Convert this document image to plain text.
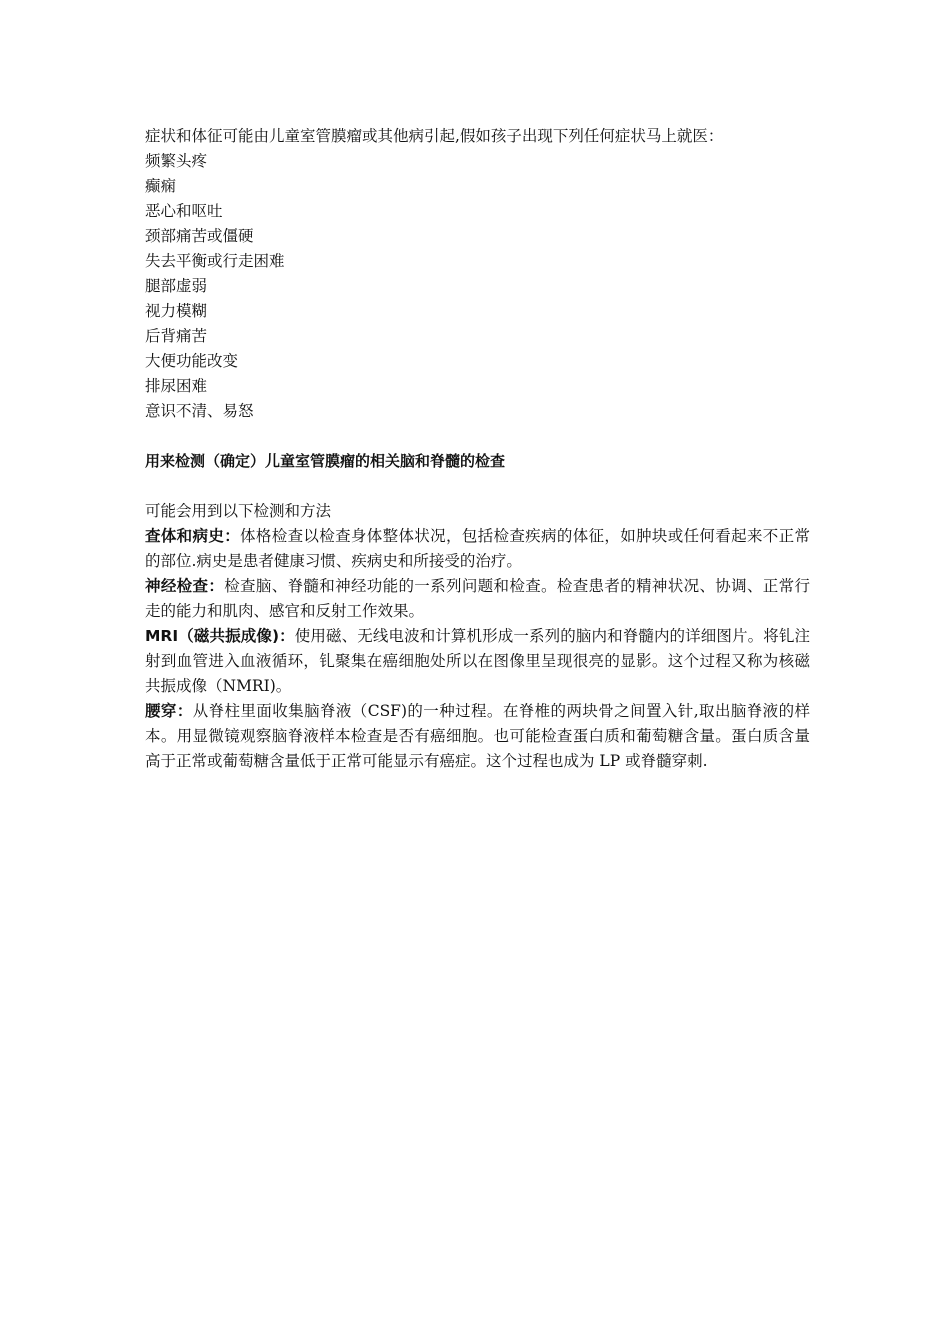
症状和体征可能由儿童室管膜瘤或其他病引起,假如孩子出现下列任何症状马上就医：
频繁头疼
癫痫
恶心和呕吐
颈部痛苦或僵硬
失去平衡或行走困难
腿部虚弱
视力模糊
后背痛苦
大便功能改变
排尿困难
意识不清、易怒
用来检测（确定）儿童室管膜瘤的相关脑和脊髓的检查
可能会用到以下检测和方法
查体和病史：体格检查以检查身体整体状况，包括检查疾病的体征，如肿块或任何看起来不正常的部位.病史是患者健康习惯、疾病史和所接受的治疗。
神经检查：检查脑、脊髓和神经功能的一系列问题和检查。检查患者的精神状况、协调、正常行走的能力和肌肉、感官和反射工作效果。
MRI（磁共振成像)：使用磁、无线电波和计算机形成一系列的脑内和脊髓内的详细图片。将钆注射到血管进入血液循环，钆聚集在癌细胞处所以在图像里呈现很亮的显影。这个过程又称为核磁共振成像（NMRI)。
腰穿：从脊柱里面收集脑脊液（CSF)的一种过程。在脊椎的两块骨之间置入针,取出脑脊液的样本。用显微镜观察脑脊液样本检查是否有癌细胞。也可能检查蛋白质和葡萄糖含量。蛋白质含量高于正常或葡萄糖含量低于正常可能显示有癌症。这个过程也成为 LP 或脊髓穿刺.
